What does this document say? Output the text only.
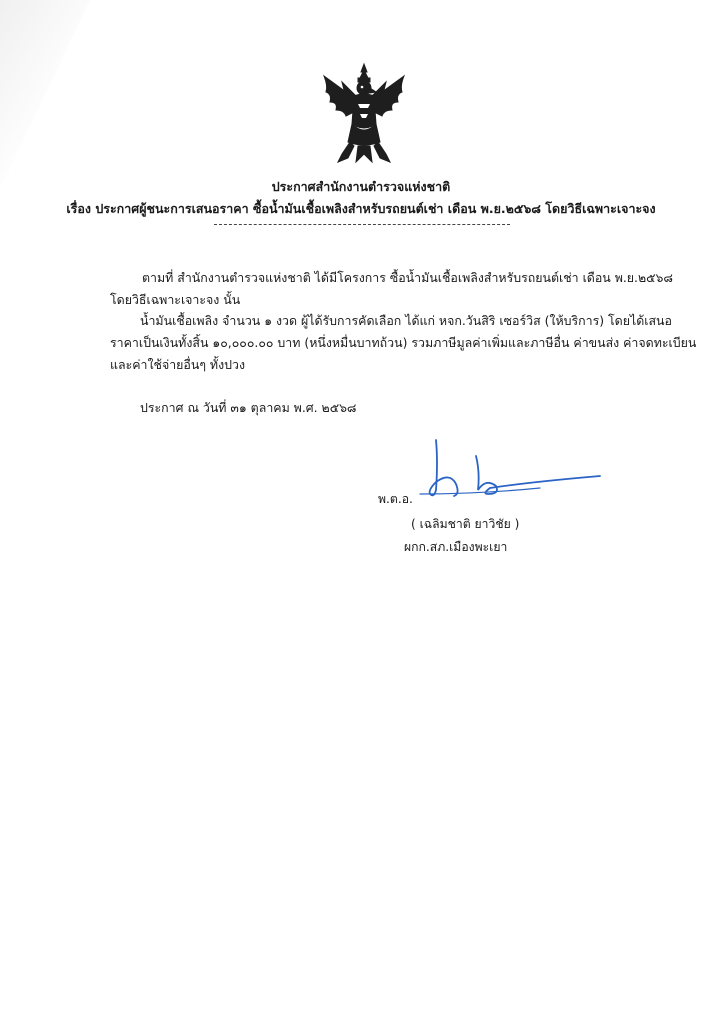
ประกาศสำนักงานตำรวจแห่งชาติ
เรื่อง ประกาศผู้ชนะการเสนอราคา ซื้อน้ำมันเชื้อเพลิงสำหรับรถยนต์เช่า เดือน พ.ย.๒๕๖๘ โดยวิธีเฉพาะเจาะจง
ตามที่ สำนักงานตำรวจแห่งชาติ ได้มีโครงการ ซื้อน้ำมันเชื้อเพลิงสำหรับรถยนต์เช่า เดือน พ.ย.๒๕๖๘
โดยวิธีเฉพาะเจาะจง นั้น
น้ำมันเชื้อเพลิง จำนวน ๑ งวด ผู้ได้รับการคัดเลือก ได้แก่ หจก.วันสิริ เซอร์วิส (ให้บริการ) โดยได้เสนอ
ราคาเป็นเงินทั้งสิ้น ๑๐,๐๐๐.๐๐ บาท (หนึ่งหมื่นบาทถ้วน) รวมภาษีมูลค่าเพิ่มและภาษีอื่น ค่าขนส่ง ค่าจดทะเบียน
และค่าใช้จ่ายอื่นๆ ทั้งปวง
ประกาศ ณ วันที่ ๓๑ ตุลาคม พ.ศ. ๒๕๖๘
พ.ต.อ.
( เฉลิมชาติ ยาวิชัย )
ผกก.สภ.เมืองพะเยา
